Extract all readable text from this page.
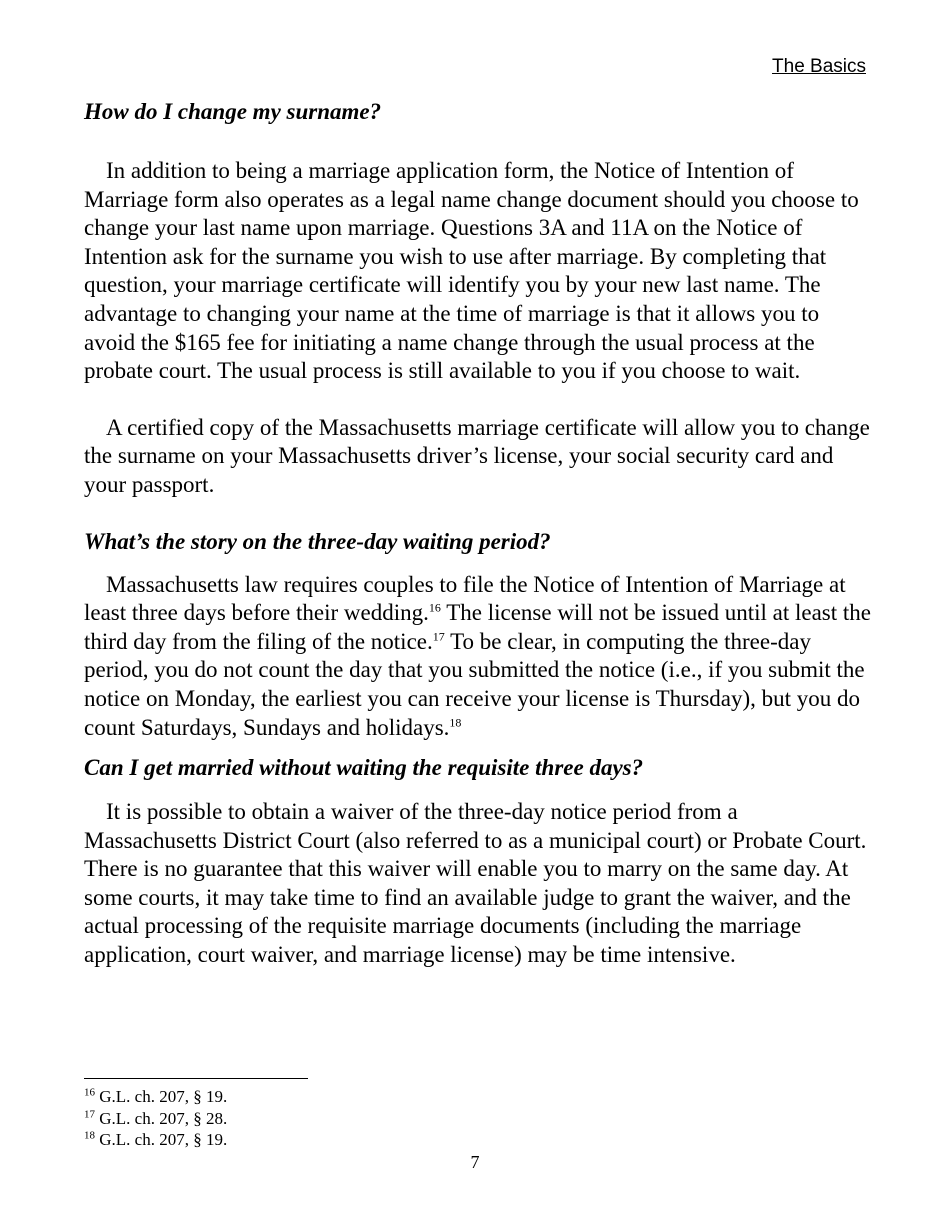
The Basics
How do I change my surname?

In addition to being a marriage application form, the Notice of Intention of Marriage form also operates as a legal name change document should you choose to change your last name upon marriage. Questions 3A and 11A on the Notice of Intention ask for the surname you wish to use after marriage. By completing that question, your marriage certificate will identify you by your new last name. The advantage to changing your name at the time of marriage is that it allows you to avoid the $165 fee for initiating a name change through the usual process at the probate court. The usual process is still available to you if you choose to wait.

A certified copy of the Massachusetts marriage certificate will allow you to change the surname on your Massachusetts driver’s license, your social security card and your passport.

What’s the story on the three-day waiting period?

Massachusetts law requires couples to file the Notice of Intention of Marriage at least three days before their wedding.$^{16}$ The license will not be issued until at least the third day from the filing of the notice.$^{17}$ To be clear, in computing the three-day period, you do not count the day that you submitted the notice (i.e., if you submit the notice on Monday, the earliest you can receive your license is Thursday), but you do count Saturdays, Sundays and holidays.$^{18}$

Can I get married without waiting the requisite three days?

It is possible to obtain a waiver of the three-day notice period from a Massachusetts District Court (also referred to as a municipal court) or Probate Court. There is no guarantee that this waiver will enable you to marry on the same day. At some courts, it may take time to find an available judge to grant the waiver, and the actual processing of the requisite marriage documents (including the marriage application, court waiver, and marriage license) may be time intensive.

$^{16}$ G.L. ch. 207, § 19.
$^{17}$ G.L. ch. 207, § 28.
$^{18}$ G.L. ch. 207, § 19.
7
